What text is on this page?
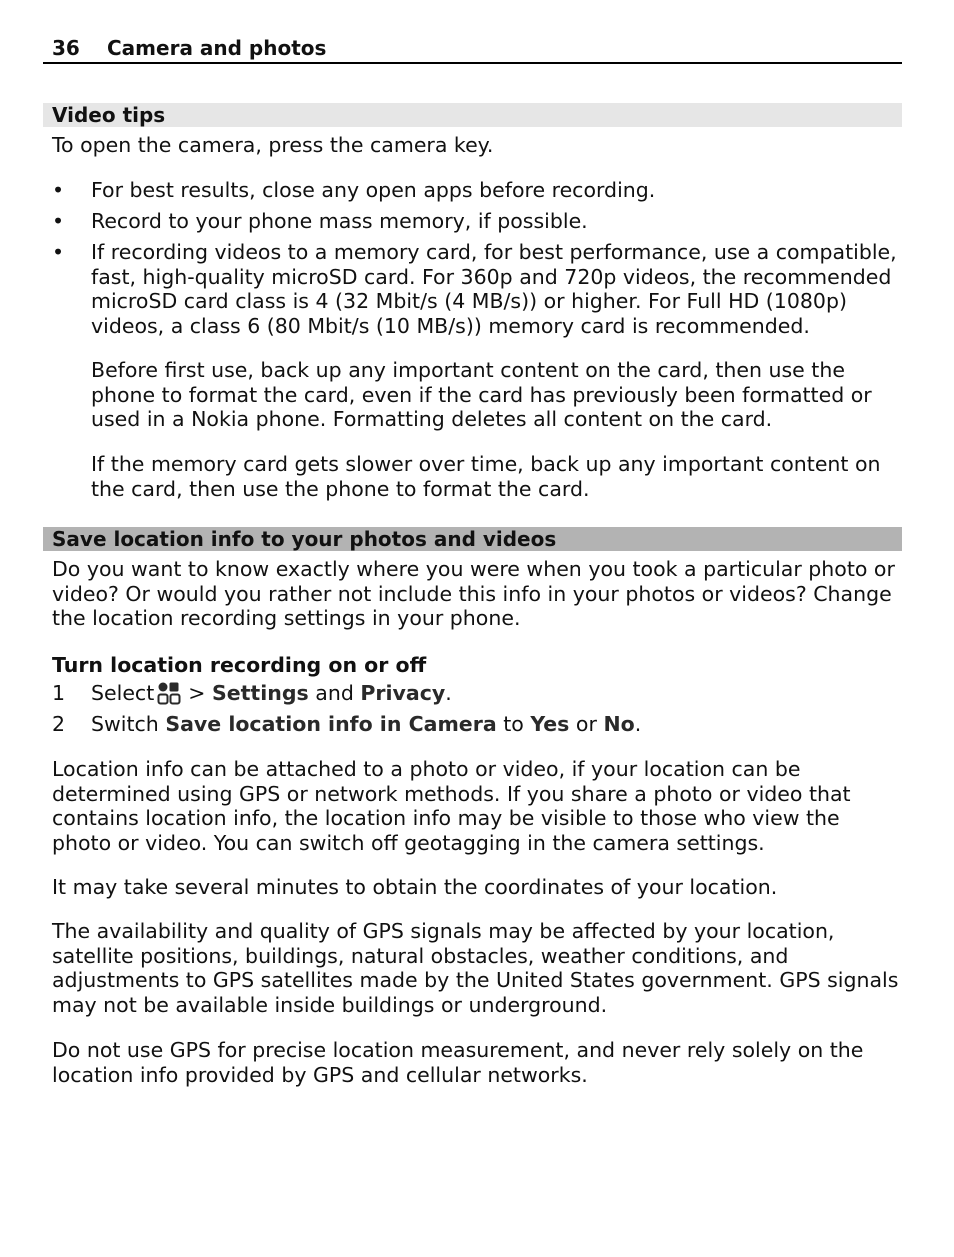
36 Camera and photos
Video tips

To open the camera, press the camera key.

• For best results, close any open apps before recording.
• Record to your phone mass memory, if possible.
• If recording videos to a memory card, for best performance, use a compatible, fast, high-quality microSD card. For 360p and 720p videos, the recommended microSD card class is 4 (32 Mbit/s (4 MB/s)) or higher. For Full HD (1080p) videos, a class 6 (80 Mbit/s (10 MB/s)) memory card is recommended.

Before first use, back up any important content on the card, then use the phone to format the card, even if the card has previously been formatted or used in a Nokia phone. Formatting deletes all content on the card.

If the memory card gets slower over time, back up any important content on the card, then use the phone to format the card.

Save location info to your photos and videos

Do you want to know exactly where you were when you took a particular photo or video? Or would you rather not include this info in your photos or videos? Change the location recording settings in your phone.

Turn location recording on or off
1 Select > Settings and Privacy.
2 Switch Save location info in Camera to Yes or No.

Location info can be attached to a photo or video, if your location can be determined using GPS or network methods. If you share a photo or video that contains location info, the location info may be visible to those who view the photo or video. You can switch off geotagging in the camera settings.

It may take several minutes to obtain the coordinates of your location.

The availability and quality of GPS signals may be affected by your location, satellite positions, buildings, natural obstacles, weather conditions, and adjustments to GPS satellites made by the United States government. GPS signals may not be available inside buildings or underground.

Do not use GPS for precise location measurement, and never rely solely on the location info provided by GPS and cellular networks.
